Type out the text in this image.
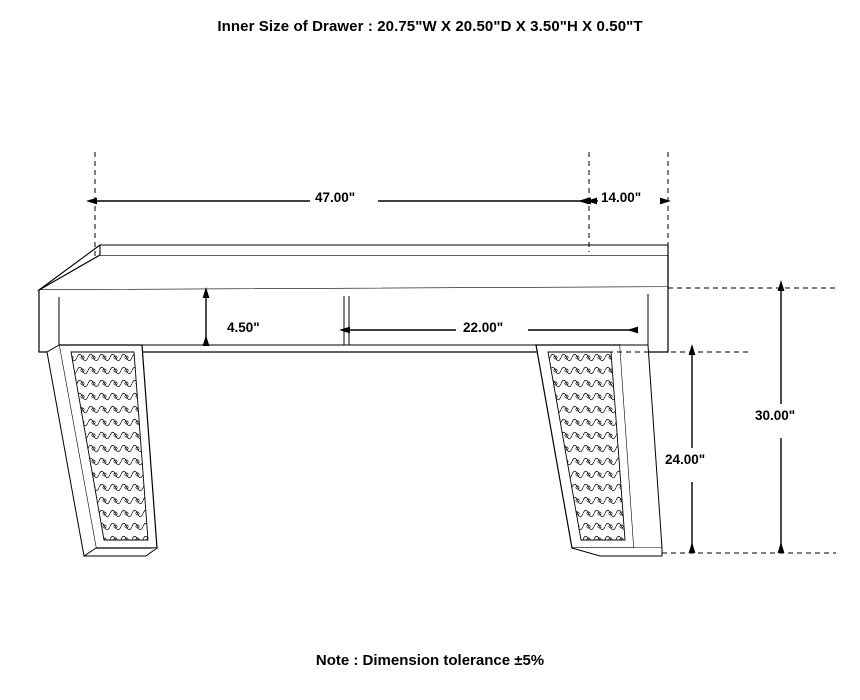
Inner Size of Drawer : 20.75"W X 20.50"D X 3.50"H X 0.50"T
47.00"	14.00"
4.50"	22.00"
30.00"
24.00"
Note : Dimension tolerance ±5%
